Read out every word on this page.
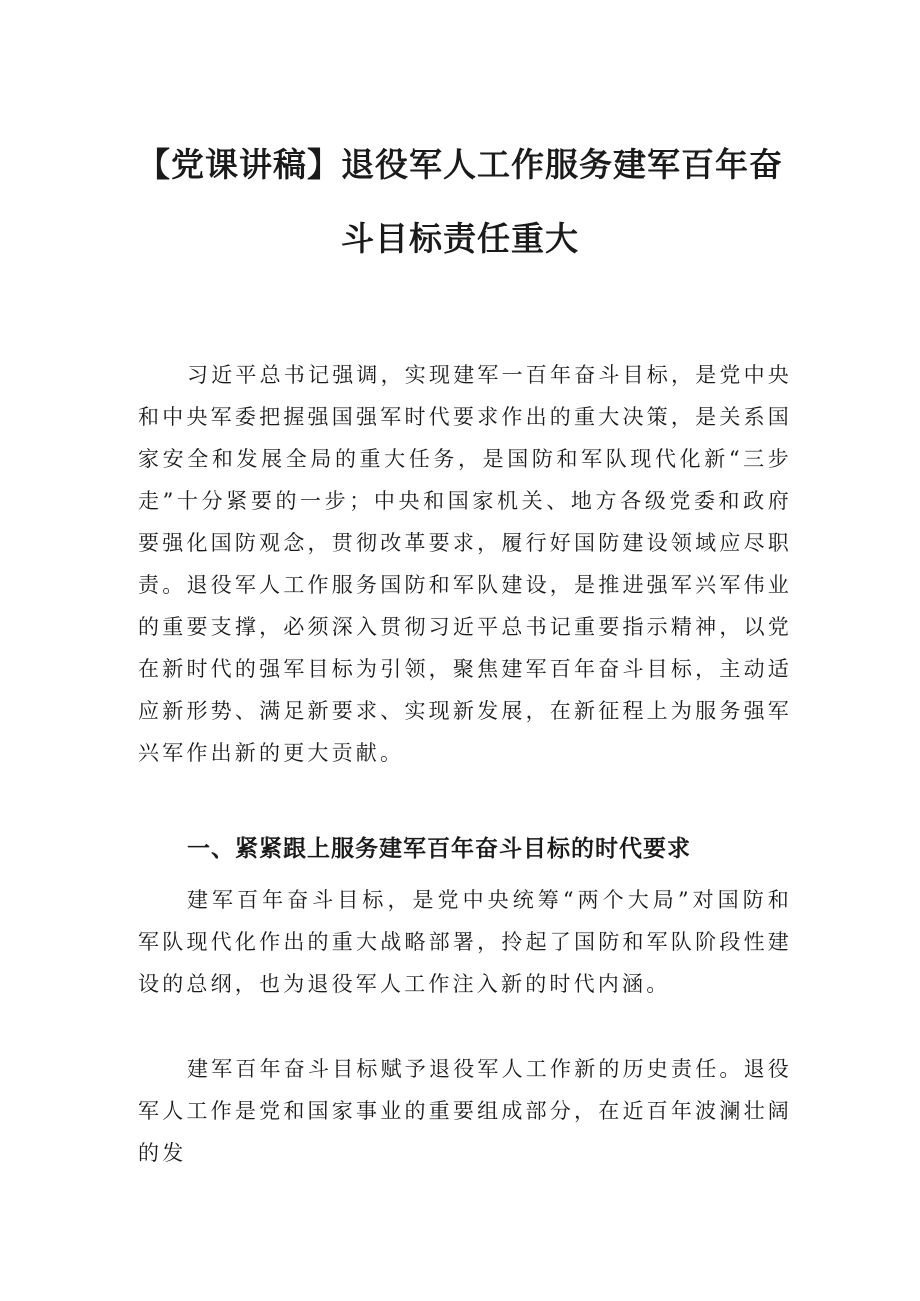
【党课讲稿】退役军人工作服务建军百年奋
斗目标责任重大

习近平总书记强调，实现建军一百年奋斗目标，是党中央和中央军委把握强国强军时代要求作出的重大决策，是关系国家安全和发展全局的重大任务，是国防和军队现代化新“三步走”十分紧要的一步；中央和国家机关、地方各级党委和政府要强化国防观念，贯彻改革要求，履行好国防建设领域应尽职责。退役军人工作服务国防和军队建设，是推进强军兴军伟业的重要支撑，必须深入贯彻习近平总书记重要指示精神，以党在新时代的强军目标为引领，聚焦建军百年奋斗目标，主动适应新形势、满足新要求、实现新发展，在新征程上为服务强军兴军作出新的更大贡献。

一、紧紧跟上服务建军百年奋斗目标的时代要求

建军百年奋斗目标，是党中央统筹“两个大局”对国防和军队现代化作出的重大战略部署，拎起了国防和军队阶段性建设的总纲，也为退役军人工作注入新的时代内涵。

建军百年奋斗目标赋予退役军人工作新的历史责任。退役军人工作是党和国家事业的重要组成部分，在近百年波澜壮阔的发
